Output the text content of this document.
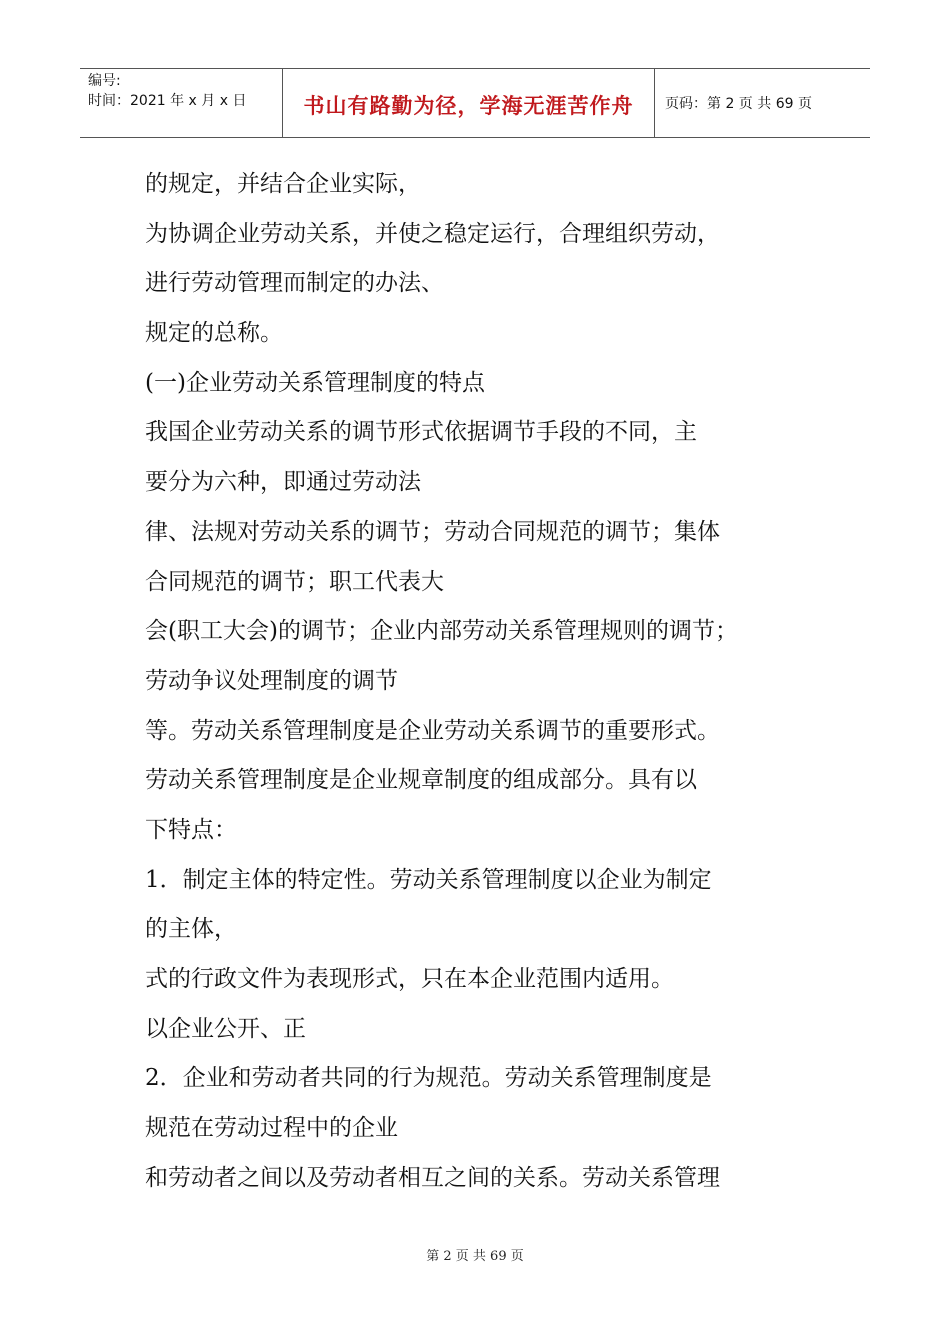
编号:
时间：2021 年 x 月 x 日	书山有路勤为径，学海无涯苦作舟 页码：第 2 页 共 69 页
的规定，并结合企业实际，
为协调企业劳动关系，并使之稳定运行，合理组织劳动，
进行劳动管理而制定的办法、
规定的总称。
(一)企业劳动关系管理制度的特点
我国企业劳动关系的调节形式依据调节手段的不同，主
要分为六种，即通过劳动法
律、法规对劳动关系的调节；劳动合同规范的调节；集体
合同规范的调节；职工代表大
会(职工大会)的调节；企业内部劳动关系管理规则的调节；
劳动争议处理制度的调节
等。劳动关系管理制度是企业劳动关系调节的重要形式。
劳动关系管理制度是企业规章制度的组成部分。具有以
下特点：
1．制定主体的特定性。劳动关系管理制度以企业为制定
的主体，
式的行政文件为表现形式，只在本企业范围内适用。
以企业公开、正
2．企业和劳动者共同的行为规范。劳动关系管理制度是
规范在劳动过程中的企业
和劳动者之间以及劳动者相互之间的关系。劳动关系管理
第 2 页 共 69 页
